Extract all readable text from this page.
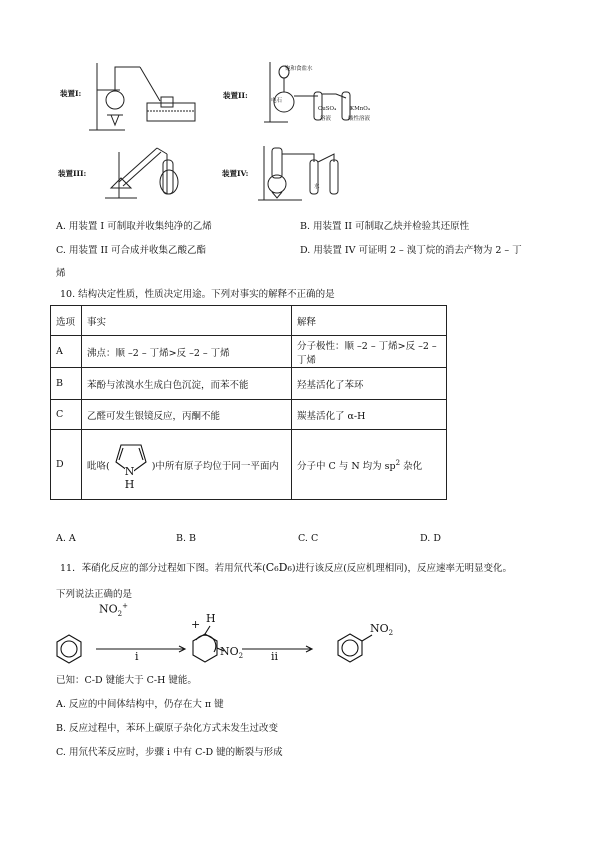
装置I:	装置II:
饱和食盐水
电石
CuSO₄
溶液
KMnO₄
酸性溶液
装置III:	装置IV:
水
A. 用装置 I 可制取并收集纯净的乙烯	B. 用装置 II 可制取乙炔并检验其还原性
C. 用装置 II 可合成并收集乙酸乙酯	D. 用装置 IV 可证明 2 – 溴丁烷的消去产物为 2 – 丁
烯
10. 结构决定性质，性质决定用途。下列对事实的解释不正确的是
选项	事实	解释
A	沸点：顺 –2 – 丁烯>反 –2 – 丁烯	分子极性：顺 –2 – 丁烯>反 –2 – 丁烯
B	苯酚与浓溴水生成白色沉淀，而苯不能	羟基活化了苯环
C	乙醛可发生银镜反应，丙酮不能	羰基活化了 α-H
D	吡咯( N
H
)中所有原子均位于同一平面内	分子中 C 与 N 均为 $sp^2$ 杂化
A. A	B. B	C. C	D. D
11．苯硝化反应的部分过程如下图。若用氘代苯(C₆D₆)进行该反应(反应机理相同)，反应速率无明显变化。
下列说法正确的是
$NO_2^+$
i
+ H
$NO_2$	ii
$NO_2$
已知：C-D 键能大于 C-H 键能。
A. 反应的中间体结构中，仍存在大 π 键
B. 反应过程中，苯环上碳原子杂化方式未发生过改变
C. 用氘代苯反应时，步骤 i 中有 C-D 键的断裂与形成
